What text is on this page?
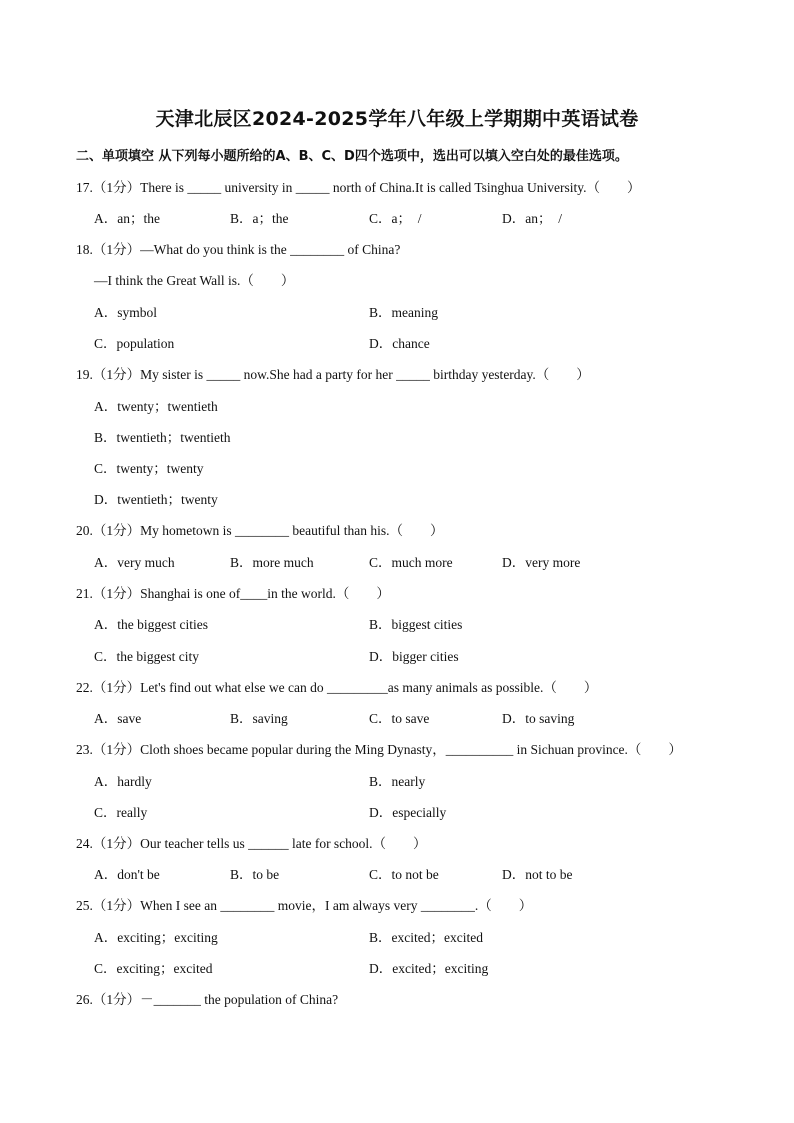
天津北辰区2024-2025学年八年级上学期期中英语试卷
二、单项填空 从下列每小题所给的A、B、C、D四个选项中，选出可以填入空白处的最佳选项。
17.（1分）There is _____ university in _____ north of China.It is called Tsinghua University.（　　）
A．an；the	B．a；the	C．a；　/	D．an；　/
18.（1分）—What do you think is the ________ of China?
—I think the Great Wall is.（　　）
A．symbol	B．meaning
C．population	D．chance
19.（1分）My sister is _____ now.She had a party for her _____ birthday yesterday.（　　）
A．twenty；twentieth
B．twentieth；twentieth
C．twenty；twenty
D．twentieth；twenty
20.（1分）My hometown is ________ beautiful than his.（　　）
A．very much	B．more much	C．much more	D．very more
21.（1分）Shanghai is one of____in the world.（　　）
A．the biggest cities	B．biggest cities
C．the biggest city	D．bigger cities
22.（1分）Let's find out what else we can do _________as many animals as possible.（　　）
A．save	B．saving	C．to save	D．to saving
23.（1分）Cloth shoes became popular during the Ming Dynasty，__________ in Sichuan province.（　　）
A．hardly	B．nearly
C．really	D．especially
24.（1分）Our teacher tells us ______ late for school.（　　）
A．don't be	B．to be	C．to not be	D．not to be
25.（1分）When I see an ________ movie，I am always very ________.（　　）
A．exciting；exciting	B．excited；excited
C．exciting；excited	D．excited；exciting
26.（1分）－_______ the population of China?
